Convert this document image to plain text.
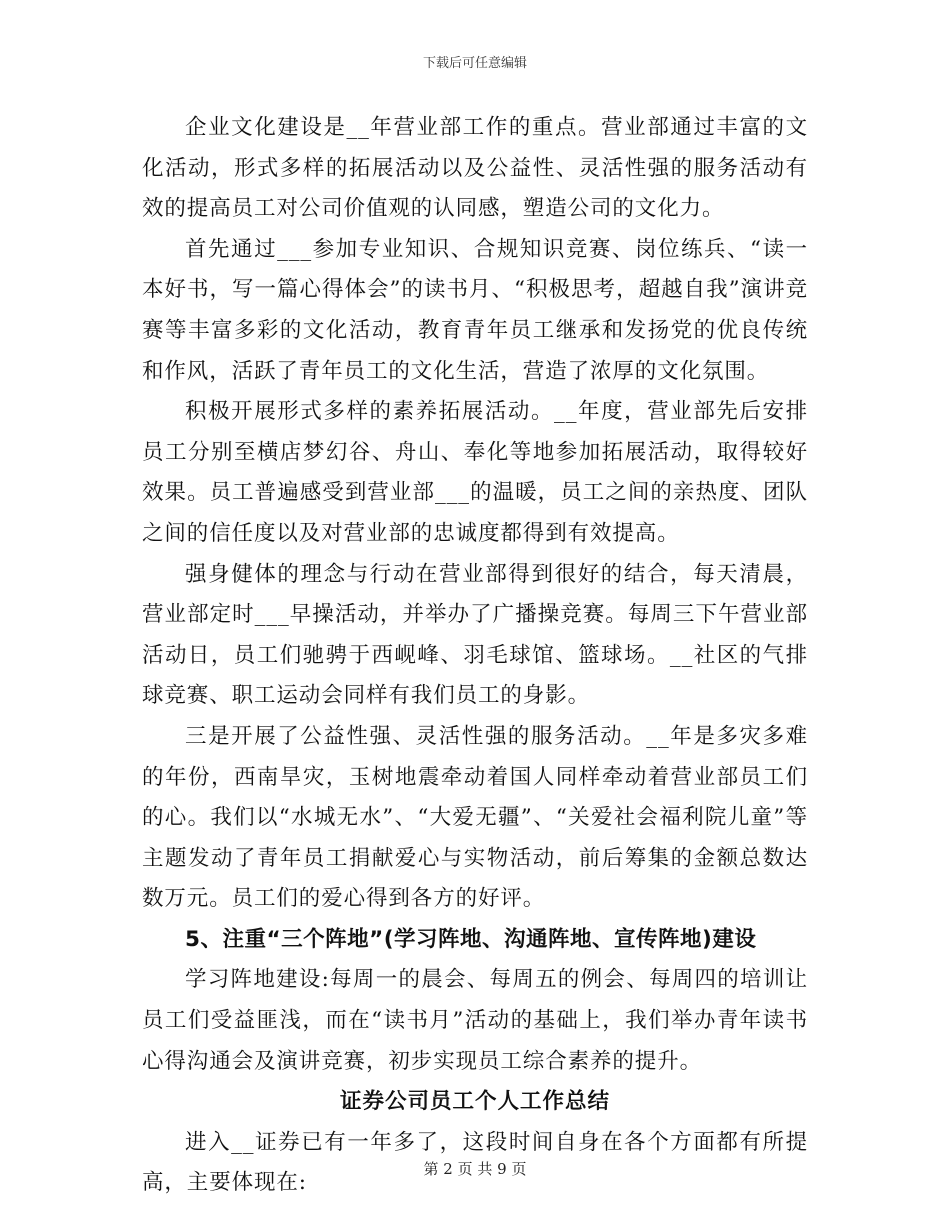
下载后可任意编辑

企业文化建设是__年营业部工作的重点。营业部通过丰富的文化活动，形式多样的拓展活动以及公益性、灵活性强的服务活动有效的提高员工对公司价值观的认同感，塑造公司的文化力。

首先通过___参加专业知识、合规知识竞赛、岗位练兵、“读一本好书，写一篇心得体会”的读书月、“积极思考，超越自我”演讲竞赛等丰富多彩的文化活动，教育青年员工继承和发扬党的优良传统和作风，活跃了青年员工的文化生活，营造了浓厚的文化氛围。

积极开展形式多样的素养拓展活动。__年度，营业部先后安排员工分别至横店梦幻谷、舟山、奉化等地参加拓展活动，取得较好效果。员工普遍感受到营业部___的温暖，员工之间的亲热度、团队之间的信任度以及对营业部的忠诚度都得到有效提高。

强身健体的理念与行动在营业部得到很好的结合，每天清晨，营业部定时___早操活动，并举办了广播操竞赛。每周三下午营业部活动日，员工们驰骋于西岘峰、羽毛球馆、篮球场。__社区的气排球竞赛、职工运动会同样有我们员工的身影。

三是开展了公益性强、灵活性强的服务活动。__年是多灾多难的年份，西南旱灾，玉树地震牵动着国人同样牵动着营业部员工们的心。我们以“水城无水”、“大爱无疆”、“关爱社会福利院儿童”等主题发动了青年员工捐献爱心与实物活动，前后筹集的金额总数达数万元。员工们的爱心得到各方的好评。

5、注重“三个阵地”(学习阵地、沟通阵地、宣传阵地)建设

学习阵地建设:每周一的晨会、每周五的例会、每周四的培训让员工们受益匪浅，而在“读书月”活动的基础上，我们举办青年读书心得沟通会及演讲竞赛，初步实现员工综合素养的提升。

证券公司员工个人工作总结

进入__证券已有一年多了，这段时间自身在各个方面都有所提高，主要体现在:

第 2 页 共 9 页
